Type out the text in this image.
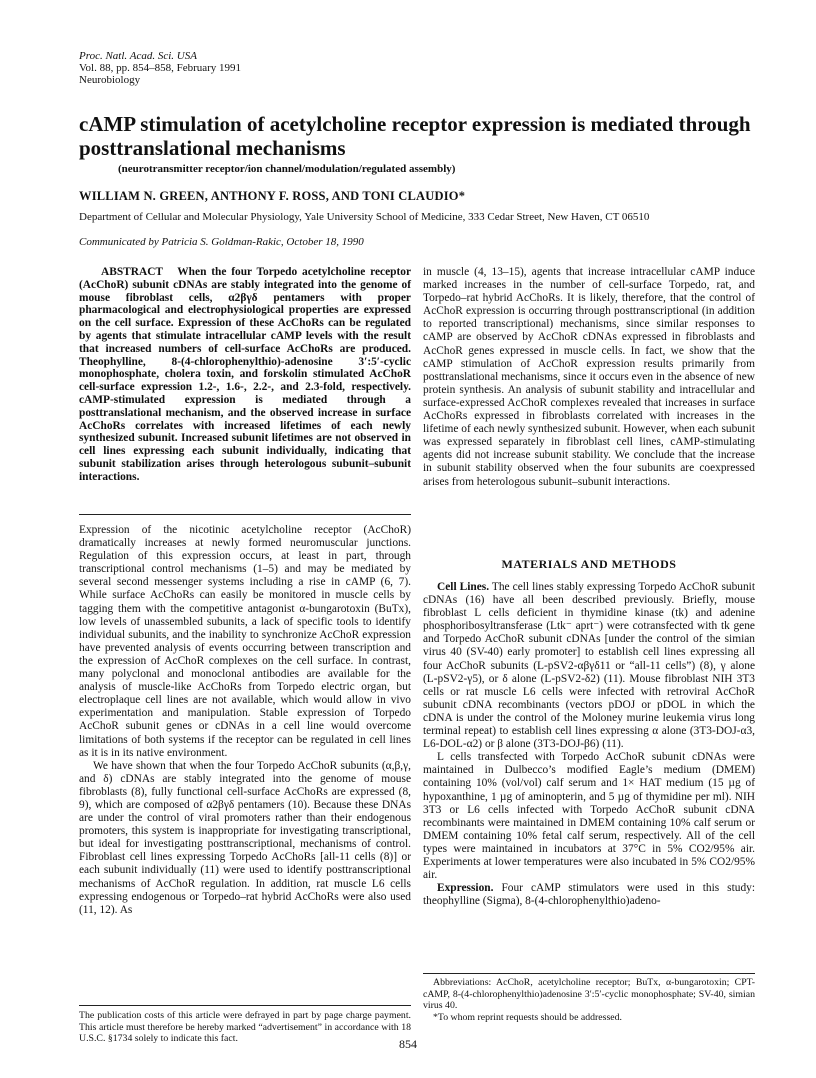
Proc. Natl. Acad. Sci. USA
Vol. 88, pp. 854–858, February 1991
Neurobiology
cAMP stimulation of acetylcholine receptor expression is mediated through posttranslational mechanisms
(neurotransmitter receptor/ion channel/modulation/regulated assembly)
WILLIAM N. GREEN, ANTHONY F. ROSS, AND TONI CLAUDIO*
Department of Cellular and Molecular Physiology, Yale University School of Medicine, 333 Cedar Street, New Haven, CT 06510
Communicated by Patricia S. Goldman-Rakic, October 18, 1990
ABSTRACT When the four Torpedo acetylcholine receptor (AcChoR) subunit cDNAs are stably integrated into the genome of mouse fibroblast cells, α2βγδ pentamers with proper pharmacological and electrophysiological properties are expressed on the cell surface. Expression of these AcChoRs can be regulated by agents that stimulate intracellular cAMP levels with the result that increased numbers of cell-surface AcChoRs are produced. Theophylline, 8-(4-chlorophenylthio)-adenosine 3′:5′-cyclic monophosphate, cholera toxin, and forskolin stimulated AcChoR cell-surface expression 1.2-, 1.6-, 2.2-, and 2.3-fold, respectively. cAMP-stimulated expression is mediated through a posttranslational mechanism, and the observed increase in surface AcChoRs correlates with increased lifetimes of each newly synthesized subunit. Increased subunit lifetimes are not observed in cell lines expressing each subunit individually, indicating that subunit stabilization arises through heterologous subunit–subunit interactions.

Expression of the nicotinic acetylcholine receptor (AcChoR) dramatically increases at newly formed neuromuscular junctions. Regulation of this expression occurs, at least in part, through transcriptional control mechanisms (1–5) and may be mediated by several second messenger systems including a rise in cAMP (6, 7). While surface AcChoRs can easily be monitored in muscle cells by tagging them with the competitive antagonist α-bungarotoxin (BuTx), low levels of unassembled subunits, a lack of specific tools to identify individual subunits, and the inability to synchronize AcChoR expression have prevented analysis of events occurring between transcription and the expression of AcChoR complexes on the cell surface. In contrast, many polyclonal and monoclonal antibodies are available for the analysis of muscle-like AcChoRs from Torpedo electric organ, but electroplaque cell lines are not available, which would allow in vivo experimentation and manipulation. Stable expression of Torpedo AcChoR subunit genes or cDNAs in a cell line would overcome limitations of both systems if the receptor can be regulated in cell lines as it is in its native environment.

We have shown that when the four Torpedo AcChoR subunits (α,β,γ, and δ) cDNAs are stably integrated into the genome of mouse fibroblasts (8), fully functional cell-surface AcChoRs are expressed (8, 9), which are composed of α2βγδ pentamers (10). Because these DNAs are under the control of viral promoters rather than their endogenous promoters, this system is inappropriate for investigating transcriptional, but ideal for investigating posttranscriptional, mechanisms of control. Fibroblast cell lines expressing Torpedo AcChoRs [all-11 cells (8)] or each subunit individually (11) were used to identify posttranscriptional mechanisms of AcChoR regulation. In addition, rat muscle L6 cells expressing endogenous or Torpedo–rat hybrid AcChoRs were also used (11, 12). As

The publication costs of this article were defrayed in part by page charge payment. This article must therefore be hereby marked “advertisement” in accordance with 18 U.S.C. §1734 solely to indicate this fact.

in muscle (4, 13–15), agents that increase intracellular cAMP induce marked increases in the number of cell-surface Torpedo, rat, and Torpedo–rat hybrid AcChoRs. It is likely, therefore, that the control of AcChoR expression is occurring through posttranscriptional (in addition to reported transcriptional) mechanisms, since similar responses to cAMP are observed by AcChoR cDNAs expressed in fibroblasts and AcChoR genes expressed in muscle cells. In fact, we show that the cAMP stimulation of AcChoR expression results primarily from posttranslational mechanisms, since it occurs even in the absence of new protein synthesis. An analysis of subunit stability and intracellular and surface-expressed AcChoR complexes revealed that increases in surface AcChoRs expressed in fibroblasts correlated with increases in the lifetime of each newly synthesized subunit. However, when each subunit was expressed separately in fibroblast cell lines, cAMP-stimulating agents did not increase subunit stability. We conclude that the increase in subunit stability observed when the four subunits are coexpressed arises from heterologous subunit–subunit interactions.

MATERIALS AND METHODS

Cell Lines. The cell lines stably expressing Torpedo AcChoR subunit cDNAs (16) have all been described previously. Briefly, mouse fibroblast L cells deficient in thymidine kinase (tk) and adenine phosphoribosyltransferase (Ltk⁻ aprt⁻) were cotransfected with tk gene and Torpedo AcChoR subunit cDNAs [under the control of the simian virus 40 (SV-40) early promoter] to establish cell lines expressing all four AcChoR subunits (L-pSV2-αβγδ11 or “all-11 cells”) (8), γ alone (L-pSV2-γ5), or δ alone (L-pSV2-δ2) (11). Mouse fibroblast NIH 3T3 cells or rat muscle L6 cells were infected with retroviral AcChoR subunit cDNA recombinants (vectors pDOJ or pDOL in which the cDNA is under the control of the Moloney murine leukemia virus long terminal repeat) to establish cell lines expressing α alone (3T3-DOJ-α3, L6-DOL-α2) or β alone (3T3-DOJ-β6) (11).

L cells transfected with Torpedo AcChoR subunit cDNAs were maintained in Dulbecco’s modified Eagle’s medium (DMEM) containing 10% (vol/vol) calf serum and 1× HAT medium (15 µg of hypoxanthine, 1 µg of aminopterin, and 5 µg of thymidine per ml). NIH 3T3 or L6 cells infected with Torpedo AcChoR subunit cDNA recombinants were maintained in DMEM containing 10% calf serum or DMEM containing 10% fetal calf serum, respectively. All of the cell types were maintained in incubators at 37°C in 5% CO2/95% air. Experiments at lower temperatures were also incubated in 5% CO2/95% air.

Expression. Four cAMP stimulators were used in this study: theophylline (Sigma), 8-(4-chlorophenylthio)adeno-

Abbreviations: AcChoR, acetylcholine receptor; BuTx, α-bungarotoxin; CPT-cAMP, 8-(4-chlorophenylthio)adenosine 3′:5′-cyclic monophosphate; SV-40, simian virus 40.
*To whom reprint requests should be addressed.
854
